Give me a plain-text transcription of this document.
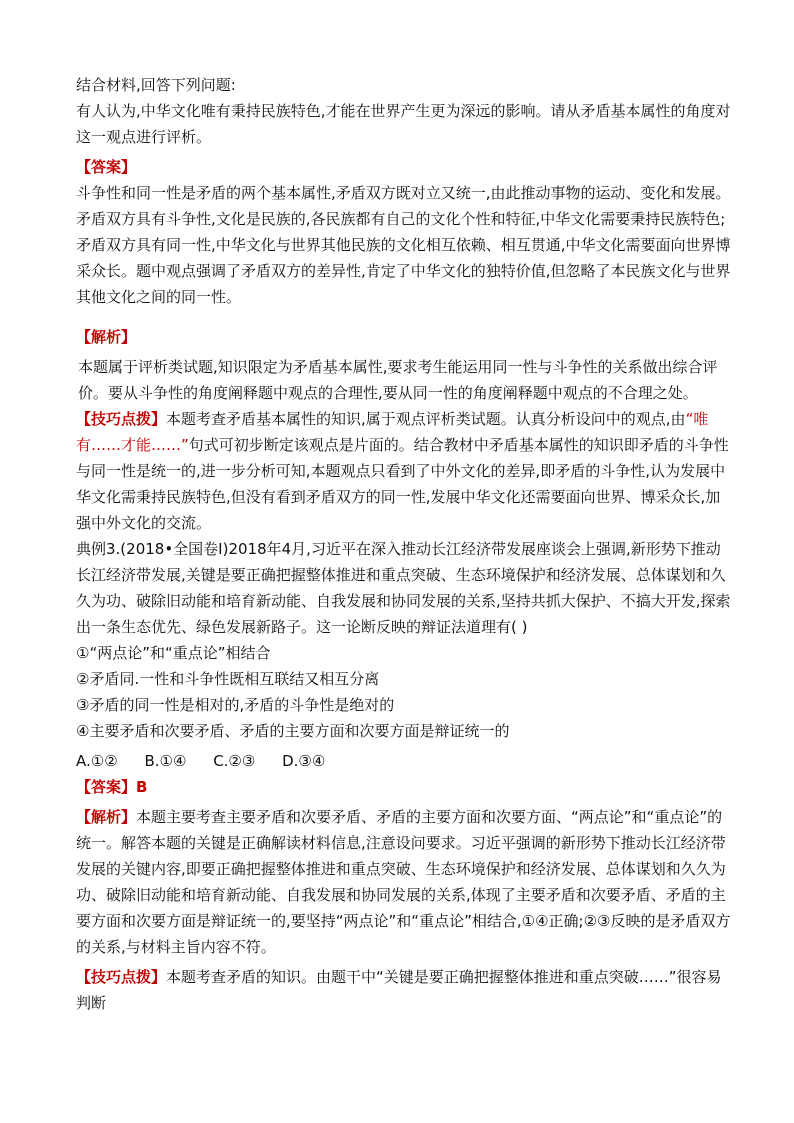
结合材料,回答下列问题:

有人认为,中华文化唯有秉持民族特色,才能在世界产生更为深远的影响。请从矛盾基本属性的角度对这一观点进行评析。

【答案】

斗争性和同一性是矛盾的两个基本属性,矛盾双方既对立又统一,由此推动事物的运动、变化和发展。矛盾双方具有斗争性,文化是民族的,各民族都有自己的文化个性和特征,中华文化需要秉持民族特色;矛盾双方具有同一性,中华文化与世界其他民族的文化相互依赖、相互贯通,中华文化需要面向世界博采众长。题中观点强调了矛盾双方的差异性,肯定了中华文化的独特价值,但忽略了本民族文化与世界其他文化之间的同一性。

【解析】

本题属于评析类试题,知识限定为矛盾基本属性,要求考生能运用同一性与斗争性的关系做出综合评价。要从斗争性的角度阐释题中观点的合理性,要从同一性的角度阐释题中观点的不合理之处。

【技巧点拨】本题考查矛盾基本属性的知识,属于观点评析类试题。认真分析设问中的观点,由“唯有……才能……”句式可初步断定该观点是片面的。结合教材中矛盾基本属性的知识即矛盾的斗争性与同一性是统一的,进一步分析可知,本题观点只看到了中外文化的差异,即矛盾的斗争性,认为发展中华文化需秉持民族特色,但没有看到矛盾双方的同一性,发展中华文化还需要面向世界、博采众长,加强中外文化的交流。

典例3.(2018•全国卷Ⅰ)2018年4月,习近平在深入推动长江经济带发展座谈会上强调,新形势下推动长江经济带发展,关键是要正确把握整体推进和重点突破、生态环境保护和经济发展、总体谋划和久久为功、破除旧动能和培育新动能、自我发展和协同发展的关系,坚持共抓大保护、不搞大开发,探索出一条生态优先、绿色发展新路子。这一论断反映的辩证法道理有( )

①“两点论”和“重点论”相结合

②矛盾同.一性和斗争性既相互联结又相互分离

③矛盾的同一性是相对的,矛盾的斗争性是绝对的

④主要矛盾和次要矛盾、矛盾的主要方面和次要方面是辩证统一的

A.①② B.①④ C.②③ D.③④

【答案】B

【解析】本题主要考查主要矛盾和次要矛盾、矛盾的主要方面和次要方面、“两点论”和“重点论”的统一。解答本题的关键是正确解读材料信息,注意设问要求。习近平强调的新形势下推动长江经济带发展的关键内容,即要正确把握整体推进和重点突破、生态环境保护和经济发展、总体谋划和久久为功、破除旧动能和培育新动能、自我发展和协同发展的关系,体现了主要矛盾和次要矛盾、矛盾的主要方面和次要方面是辩证统一的,要坚持“两点论”和“重点论”相结合,①④正确;②③反映的是矛盾双方的关系,与材料主旨内容不符。

【技巧点拨】本题考查矛盾的知识。由题干中“关键是要正确把握整体推进和重点突破……”很容易判断
